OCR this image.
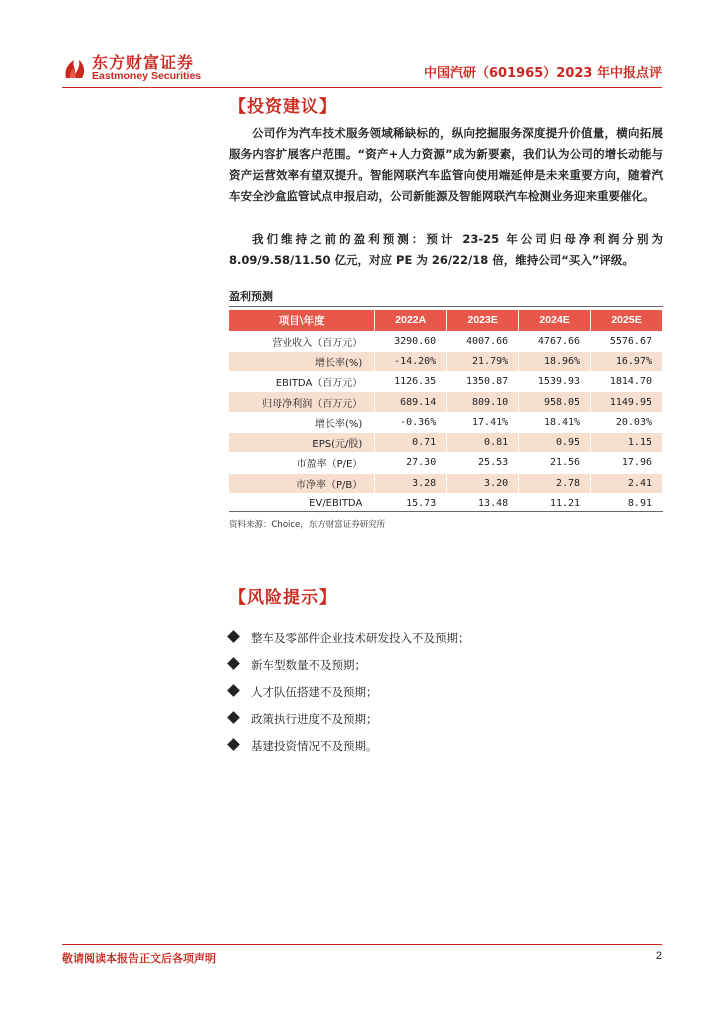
东方财富证券
Eastmoney Securities	中国汽研（601965）2023 年中报点评
【投资建议】

公司作为汽车技术服务领域稀缺标的，纵向挖掘服务深度提升价值量，横向拓展服务内容扩展客户范围。“资产+人力资源”成为新要素，我们认为公司的增长动能与资产运营效率有望双提升。智能网联汽车监管向使用端延伸是未来重要方向，随着汽车安全沙盒监管试点申报启动，公司新能源及智能网联汽车检测业务迎来重要催化。

我们维持之前的盈利预测：预计 23-25 年公司归母净利润分别为 8.09/9.58/11.50 亿元，对应 PE 为 26/22/18 倍，维持公司“买入”评级。

盈利预测
项目\年度	2022A	2023E	2024E	2025E
营业收入（百万元）	3290.60	4007.66	4767.66	5576.67
增长率(%)	-14.20%	21.79%	18.96%	16.97%
EBITDA（百万元）	1126.35	1350.87	1539.93	1814.70
归母净利润（百万元）	689.14	809.10	958.05	1149.95
增长率(%)	-0.36%	17.41%	18.41%	20.03%
EPS(元/股)	0.71	0.81	0.95	1.15
市盈率（P/E）	27.30	25.53	21.56	17.96
市净率（P/B）	3.28	3.20	2.78	2.41
EV/EBITDA	15.73	13.48	11.21	8.91
资料来源：Choice，东方财富证券研究所
【风险提示】
整车及零部件企业技术研发投入不及预期；
新车型数量不及预期；
人才队伍搭建不及预期；
政策执行进度不及预期；
基建投资情况不及预期。
敬请阅读本报告正文后各项声明	2
